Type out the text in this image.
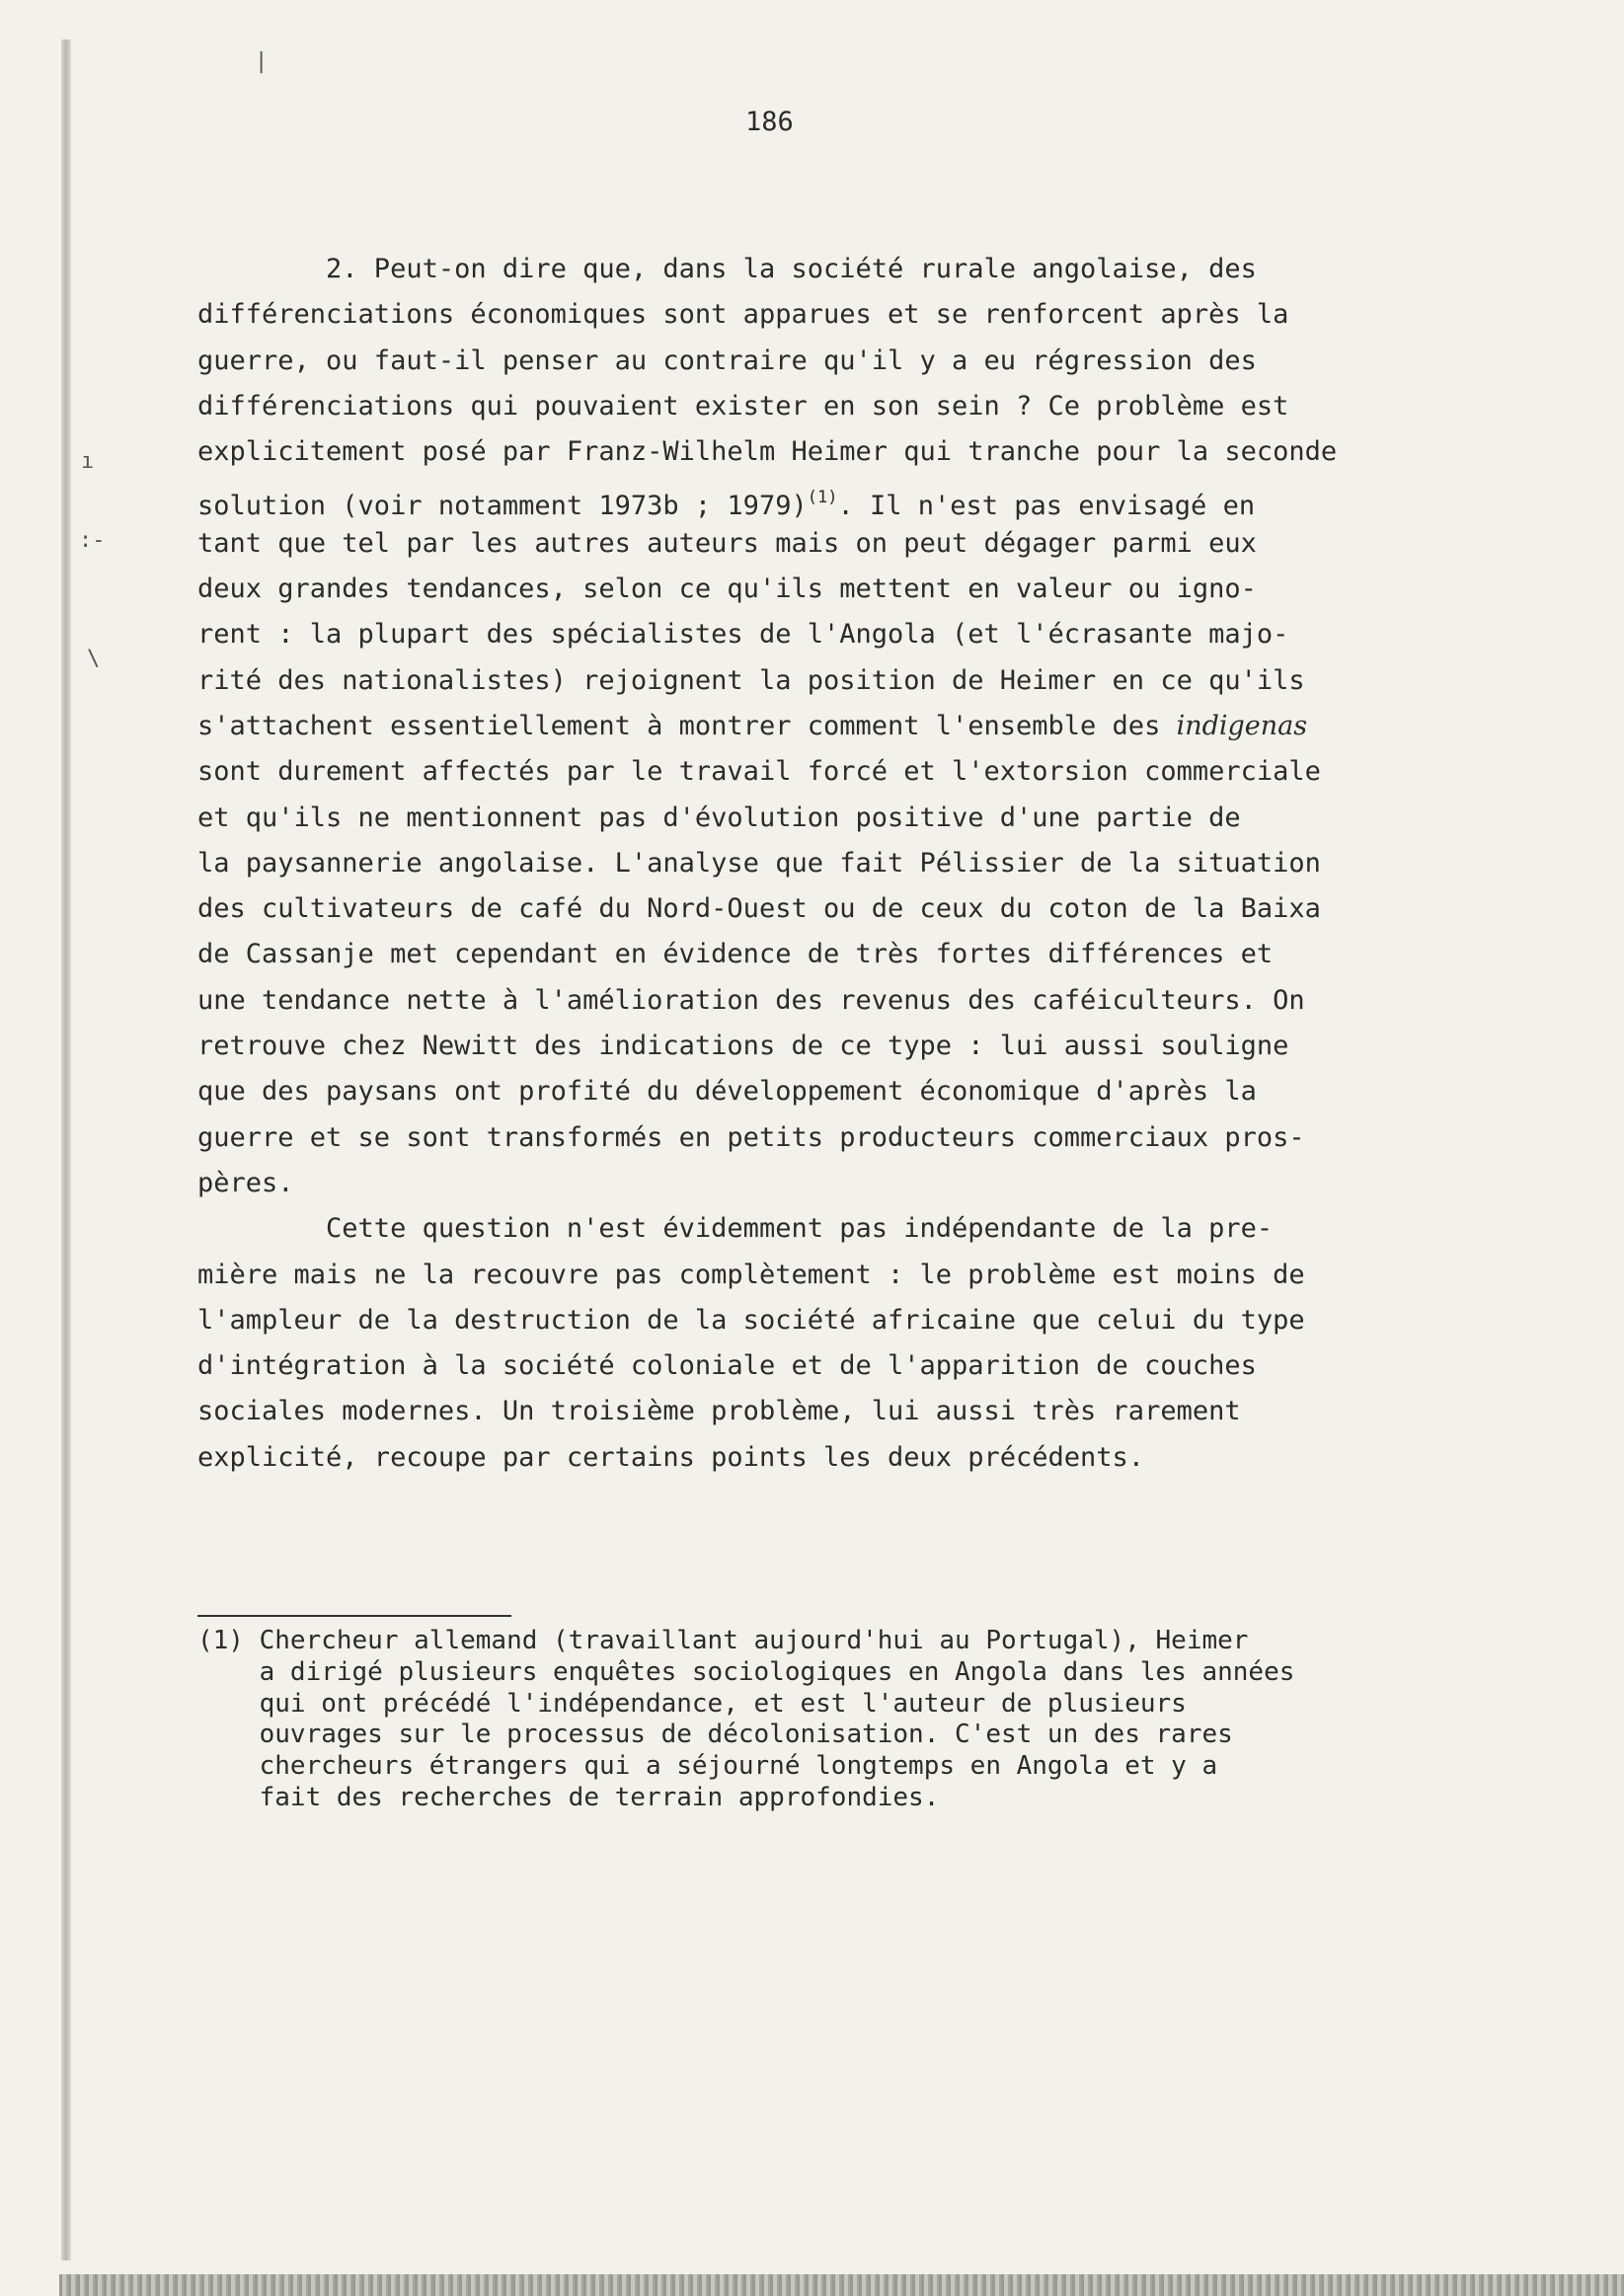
|
ı
:-
\
186
2. Peut-on dire que, dans la société rurale angolaise, des
différenciations économiques sont apparues et se renforcent après la
guerre, ou faut-il penser au contraire qu'il y a eu régression des
différenciations qui pouvaient exister en son sein ? Ce problème est
explicitement posé par Franz-Wilhelm Heimer qui tranche pour la seconde
solution (voir notamment 1973b ; 1979)$^{(1)}$. Il n'est pas envisagé en
tant que tel par les autres auteurs mais on peut dégager parmi eux
deux grandes tendances, selon ce qu'ils mettent en valeur ou igno-
rent : la plupart des spécialistes de l'Angola (et l'écrasante majo-
rité des nationalistes) rejoignent la position de Heimer en ce qu'ils
s'attachent essentiellement à montrer comment l'ensemble des indigenas
sont durement affectés par le travail forcé et l'extorsion commerciale
et qu'ils ne mentionnent pas d'évolution positive d'une partie de
la paysannerie angolaise. L'analyse que fait Pélissier de la situation
des cultivateurs de café du Nord-Ouest ou de ceux du coton de la Baixa
de Cassanje met cependant en évidence de très fortes différences et
une tendance nette à l'amélioration des revenus des caféiculteurs. On
retrouve chez Newitt des indications de ce type : lui aussi souligne
que des paysans ont profité du développement économique d'après la
guerre et se sont transformés en petits producteurs commerciaux pros-
pères.
Cette question n'est évidemment pas indépendante de la pre-
mière mais ne la recouvre pas complètement : le problème est moins de
l'ampleur de la destruction de la société africaine que celui du type
d'intégration à la société coloniale et de l'apparition de couches
sociales modernes. Un troisième problème, lui aussi très rarement
explicité, recoupe par certains points les deux précédents.
(1) Chercheur allemand (travaillant aujourd'hui au Portugal), Heimer
a dirigé plusieurs enquêtes sociologiques en Angola dans les années
qui ont précédé l'indépendance, et est l'auteur de plusieurs
ouvrages sur le processus de décolonisation. C'est un des rares
chercheurs étrangers qui a séjourné longtemps en Angola et y a
fait des recherches de terrain approfondies.
